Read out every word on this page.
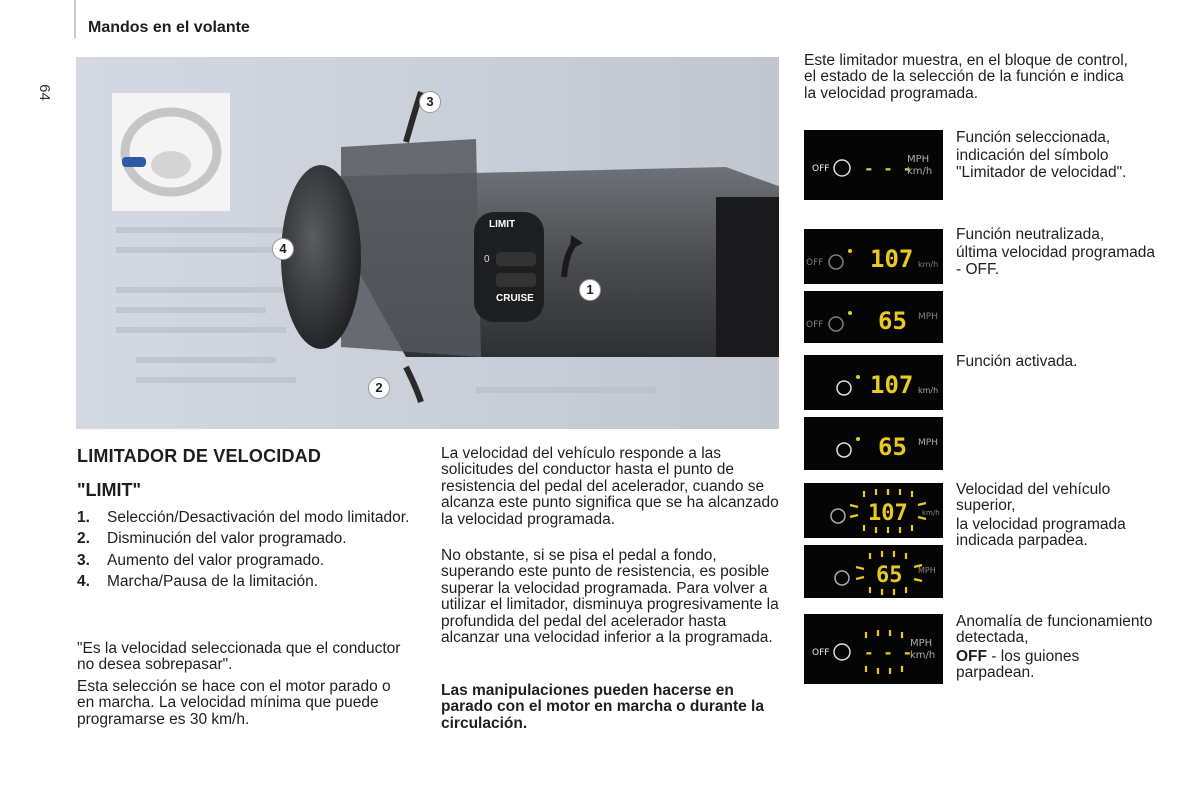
Mandos en el volante
64
LIMIT
0
CRUISE
3
4
1
2
LIMITADOR DE VELOCIDAD
"LIMIT"
1.	Selección/Desactivación del modo limitador.
2.	Disminución del valor programado.
3.	Aumento del valor programado.
4.	Marcha/Pausa de la limitación.
"Es la velocidad seleccionada que el conductor no desea sobrepasar".
Esta selección se hace con el motor parado o en marcha. La velocidad mínima que puede programarse es 30 km/h.
La velocidad del vehículo responde a las solicitudes del conductor hasta el punto de resistencia del pedal del acelerador, cuando se alcanza este punto significa que se ha alcanzado la velocidad programada.
No obstante, si se pisa el pedal a fondo, superando este punto de resistencia, es posible superar la velocidad programada. Para volver a utilizar el limitador, disminuya progresivamente la profundida del pedal del acelerador hasta alcanzar una velocidad inferior a la programada.
Las manipulaciones pueden hacerse en parado con el motor en marcha o durante la circulación.
Este limitador muestra, en el bloque de control, el estado de la selección de la función e indica la velocidad programada.
OFF - - -
MPH
km/h

Función seleccionada,

indicación del símbolo "Limitador de velocidad".

OFF 107 km/h
OFF 65 MPH

Función neutralizada,

última velocidad programada - OFF.

107 km/h
65 MPH

Función activada.

107 km/h
65 MPH

Velocidad del vehículo superior,

la velocidad programada indicada parpadea.

OFF - - -
MPH
km/h

Anomalía de funcionamiento detectada,

OFF - los guiones parpadean.
